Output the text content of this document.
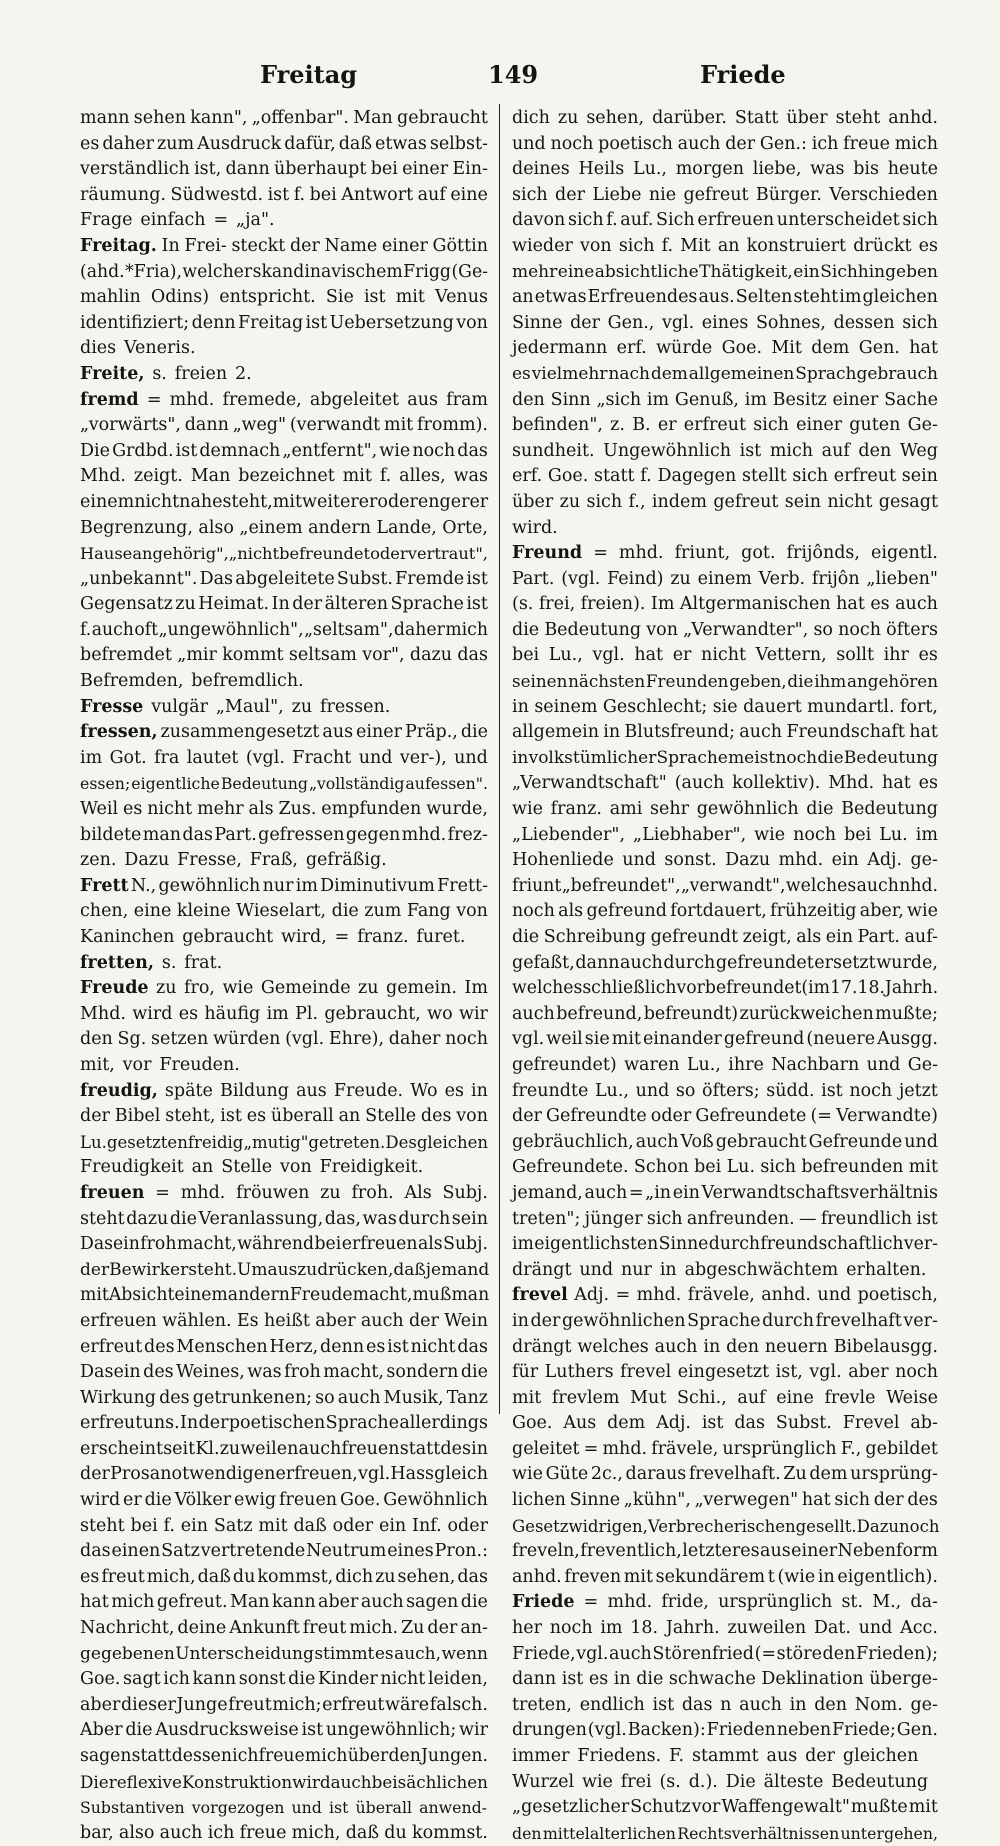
Freitag	149	Friede
mann sehen kann", „offenbar". Man gebraucht
es daher zum Ausdruck dafür, daß etwas selbst-
verständlich ist, dann überhaupt bei einer Ein-
räumung. Südwestd. ist f. bei Antwort auf eine
Frage einfach = „ja".
Freitag. In Frei- steckt der Name einer Göttin
(ahd. *Fria), welcher skandinavischem Frigg (Ge-
mahlin Odins) entspricht. Sie ist mit Venus
identifiziert; denn Freitag ist Uebersetzung von
dies Veneris.
Freite, s. freien 2.
fremd = mhd. fremede, abgeleitet aus fram
„vorwärts", dann „weg" (verwandt mit fromm).
Die Grdbd. ist demnach „entfernt", wie noch das
Mhd. zeigt. Man bezeichnet mit f. alles, was
einem nicht nahe steht, mit weiterer oder engerer
Begrenzung, also „einem andern Lande, Orte,
Hause angehörig", „nicht befreundet oder vertraut",
„unbekannt". Das abgeleitete Subst. Fremde ist
Gegensatz zu Heimat. In der älteren Sprache ist
f. auch oft „ungewöhnlich", „seltsam", daher mich
befremdet „mir kommt seltsam vor", dazu das
Befremden, befremdlich.
Fresse vulgär „Maul", zu fressen.
fressen, zusammengesetzt aus einer Präp., die
im Got. fra lautet (vgl. Fracht und ver-), und
essen; eigentliche Bedeutung „vollständig aufessen".
Weil es nicht mehr als Zus. empfunden wurde,
bildete man das Part. gefressen gegen mhd. frez-
zen. Dazu Fresse, Fraß, gefräßig.
Frett N., gewöhnlich nur im Diminutivum Frett-
chen, eine kleine Wieselart, die zum Fang von
Kaninchen gebraucht wird, = franz. furet.
fretten, s. frat.
Freude zu fro, wie Gemeinde zu gemein. Im
Mhd. wird es häufig im Pl. gebraucht, wo wir
den Sg. setzen würden (vgl. Ehre), daher noch
mit, vor Freuden.
freudig, späte Bildung aus Freude. Wo es in
der Bibel steht, ist es überall an Stelle des von
Lu. gesetzten freidig „mutig" getreten. Desgleichen
Freudigkeit an Stelle von Freidigkeit.
freuen = mhd. fröuwen zu froh. Als Subj.
steht dazu die Veranlassung, das, was durch sein
Dasein froh macht, während bei erfreuen als Subj.
der Bewirker steht. Um auszudrücken, daß jemand
mit Absicht einem andern Freude macht, muß man
erfreuen wählen. Es heißt aber auch der Wein
erfreut des Menschen Herz, denn es ist nicht das
Dasein des Weines, was froh macht, sondern die
Wirkung des getrunkenen; so auch Musik, Tanz
erfreut uns. In der poetischen Sprache allerdings
erscheint seit Kl. zuweilen auch freuen statt des in
der Prosa notwendigen erfreuen, vgl. Hass gleich
wird er die Völker ewig freuen Goe. Gewöhnlich
steht bei f. ein Satz mit daß oder ein Inf. oder
das einen Satz vertretende Neutrum eines Pron.:
es freut mich, daß du kommst, dich zu sehen, das
hat mich gefreut. Man kann aber auch sagen die
Nachricht, deine Ankunft freut mich. Zu der an-
gegebenen Unterscheidung stimmt es auch, wenn
Goe. sagt ich kann sonst die Kinder nicht leiden,
aber dieser Junge freut mich; erfreut wäre falsch.
Aber die Ausdrucksweise ist ungewöhnlich; wir
sagen statt dessen ich freue mich über den Jungen.
Die reflexive Konstruktion wird auch bei sächlichen
Substantiven vorgezogen und ist überall anwend-
bar, also auch ich freue mich, daß du kommst.
dich zu sehen, darüber. Statt über steht anhd.
und noch poetisch auch der Gen.: ich freue mich
deines Heils Lu., morgen liebe, was bis heute
sich der Liebe nie gefreut Bürger. Verschieden
davon sich f. auf. Sich erfreuen unterscheidet sich
wieder von sich f. Mit an konstruiert drückt es
mehr eine absichtliche Thätigkeit, ein Sichhingeben
an etwas Erfreuendes aus. Selten steht im gleichen
Sinne der Gen., vgl. eines Sohnes, dessen sich
jedermann erf. würde Goe. Mit dem Gen. hat
es vielmehr nach dem allgemeinen Sprachgebrauch
den Sinn „sich im Genuß, im Besitz einer Sache
befinden", z. B. er erfreut sich einer guten Ge-
sundheit. Ungewöhnlich ist mich auf den Weg
erf. Goe. statt f. Dagegen stellt sich erfreut sein
über zu sich f., indem gefreut sein nicht gesagt
wird.
Freund = mhd. friunt, got. frijônds, eigentl.
Part. (vgl. Feind) zu einem Verb. frijôn „lieben"
(s. frei, freien). Im Altgermanischen hat es auch
die Bedeutung von „Verwandter", so noch öfters
bei Lu., vgl. hat er nicht Vettern, sollt ihr es
seinen nächsten Freunden geben, die ihm angehören
in seinem Geschlecht; sie dauert mundartl. fort,
allgemein in Blutsfreund; auch Freundschaft hat
in volkstümlicher Sprache meist noch die Bedeutung
„Verwandtschaft" (auch kollektiv). Mhd. hat es
wie franz. ami sehr gewöhnlich die Bedeutung
„Liebender", „Liebhaber", wie noch bei Lu. im
Hohenliede und sonst. Dazu mhd. ein Adj. ge-
friunt „befreundet", „verwandt", welches auch nhd.
noch als gefreund fortdauert, frühzeitig aber, wie
die Schreibung gefreundt zeigt, als ein Part. auf-
gefaßt, dann auch durch gefreundet ersetzt wurde,
welches schließlich vor befreundet (im 17. 18. Jahrh.
auch befreund, befreundt) zurückweichen mußte;
vgl. weil sie mit einander gefreund (neuere Ausgg.
gefreundet) waren Lu., ihre Nachbarn und Ge-
freundte Lu., und so öfters; südd. ist noch jetzt
der Gefreundte oder Gefreundete (= Verwandte)
gebräuchlich, auch Voß gebraucht Gefreunde und
Gefreundete. Schon bei Lu. sich befreunden mit
jemand, auch = „in ein Verwandtschaftsverhältnis
treten"; jünger sich anfreunden. — freundlich ist
im eigentlichsten Sinne durch freundschaftlich ver-
drängt und nur in abgeschwächtem erhalten.
frevel Adj. = mhd. frävele, anhd. und poetisch,
in der gewöhnlichen Sprache durch frevelhaft ver-
drängt welches auch in den neuern Bibelausgg.
für Luthers frevel eingesetzt ist, vgl. aber noch
mit frevlem Mut Schi., auf eine frevle Weise
Goe. Aus dem Adj. ist das Subst. Frevel ab-
geleitet = mhd. frävele, ursprünglich F., gebildet
wie Güte 2c., daraus frevelhaft. Zu dem ursprüng-
lichen Sinne „kühn", „verwegen" hat sich der des
Gesetzwidrigen, Verbrecherischen gesellt. Dazu noch
freveln, freventlich, letzteres aus einer Nebenform
anhd. freven mit sekundärem t (wie in eigentlich).
Friede = mhd. fride, ursprünglich st. M., da-
her noch im 18. Jahrh. zuweilen Dat. und Acc.
Friede, vgl. auch Störenfried (= störe den Frieden);
dann ist es in die schwache Deklination überge-
treten, endlich ist das n auch in den Nom. ge-
drungen (vgl. Backen): Frieden neben Friede; Gen.
immer Friedens. F. stammt aus der gleichen
Wurzel wie frei (s. d.). Die älteste Bedeutung
„gesetzlicher Schutz vor Waffengewalt" mußte mit
den mittelalterlichen Rechtsverhältnissen untergehen,
